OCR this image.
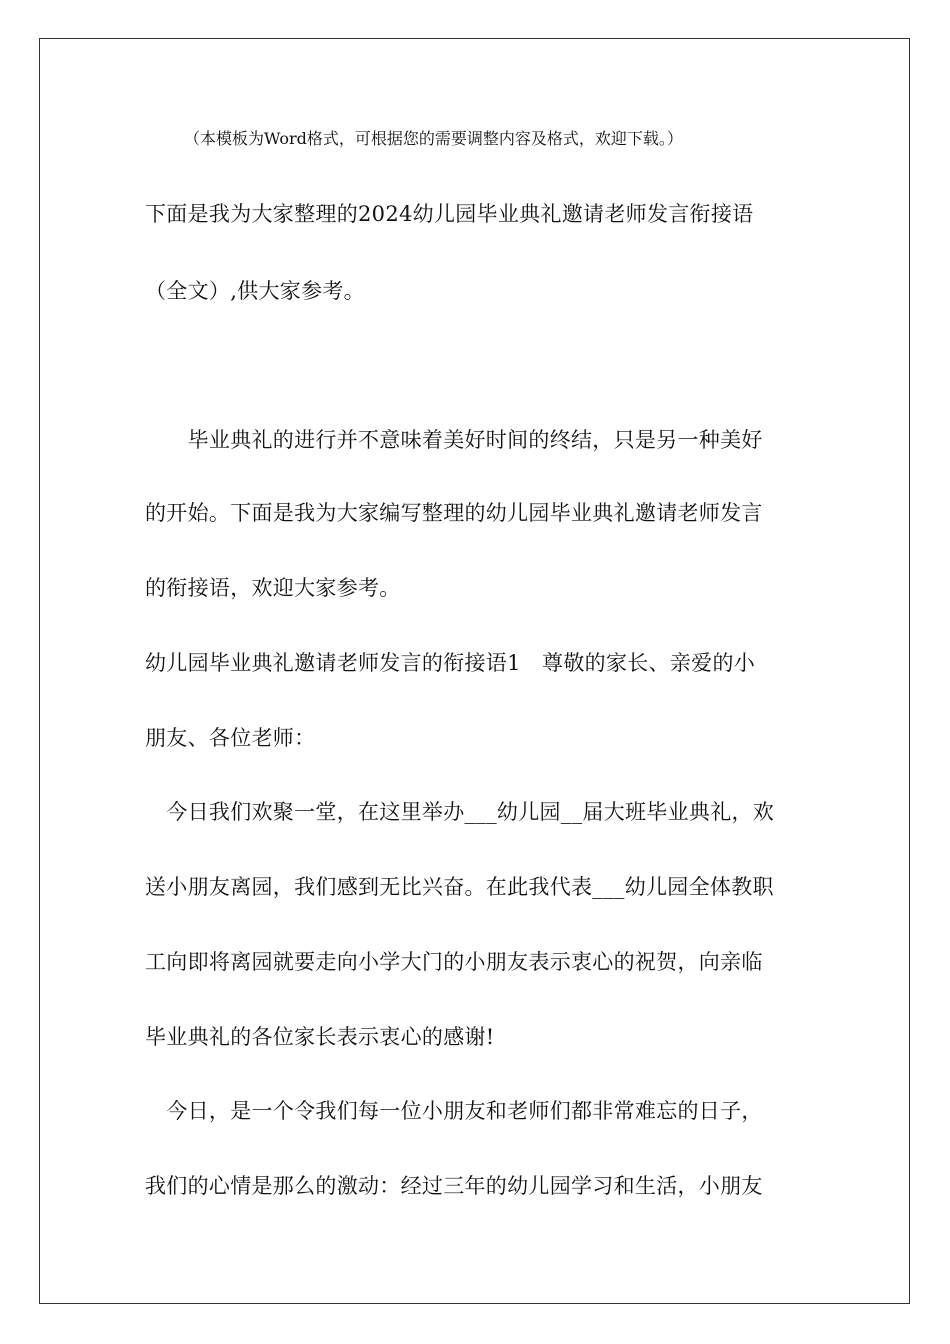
（本模板为Word格式，可根据您的需要调整内容及格式，欢迎下载。）
下面是我为大家整理的2024幼儿园毕业典礼邀请老师发言衔接语
（全文）,供大家参考。
　　毕业典礼的进行并不意味着美好时间的终结，只是另一种美好
的开始。下面是我为大家编写整理的幼儿园毕业典礼邀请老师发言
的衔接语，欢迎大家参考。
幼儿园毕业典礼邀请老师发言的衔接语1　尊敬的家长、亲爱的小
朋友、各位老师：
　今日我们欢聚一堂，在这里举办___幼儿园__届大班毕业典礼，欢
送小朋友离园，我们感到无比兴奋。在此我代表___幼儿园全体教职
工向即将离园就要走向小学大门的小朋友表示衷心的祝贺，向亲临
毕业典礼的各位家长表示衷心的感谢!
　今日，是一个令我们每一位小朋友和老师们都非常难忘的日子，
我们的心情是那么的激动：经过三年的幼儿园学习和生活，小朋友
